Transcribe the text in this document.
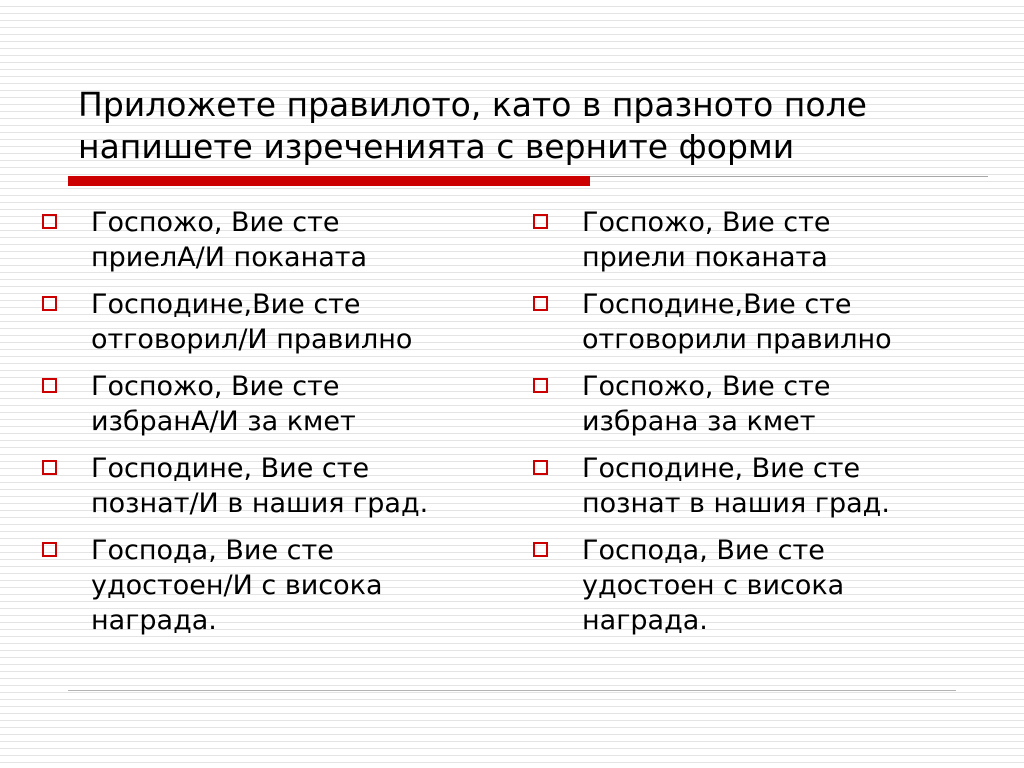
Приложете правилото, като в празното поле
напишете изреченията с верните форми
Госпожо, Вие сте
приелА/И поканата
Господине,Вие сте
отговорил/И правилно
Госпожо, Вие сте
избранА/И за кмет
Господине, Вие сте
познат/И в нашия град.
Господа, Вие сте
удостоен/И с висока
награда.
Госпожо, Вие сте
приели поканата
Господине,Вие сте
отговорили правилно
Госпожо, Вие сте
избрана за кмет
Господине, Вие сте
познат в нашия град.
Господа, Вие сте
удостоен с висока
награда.
